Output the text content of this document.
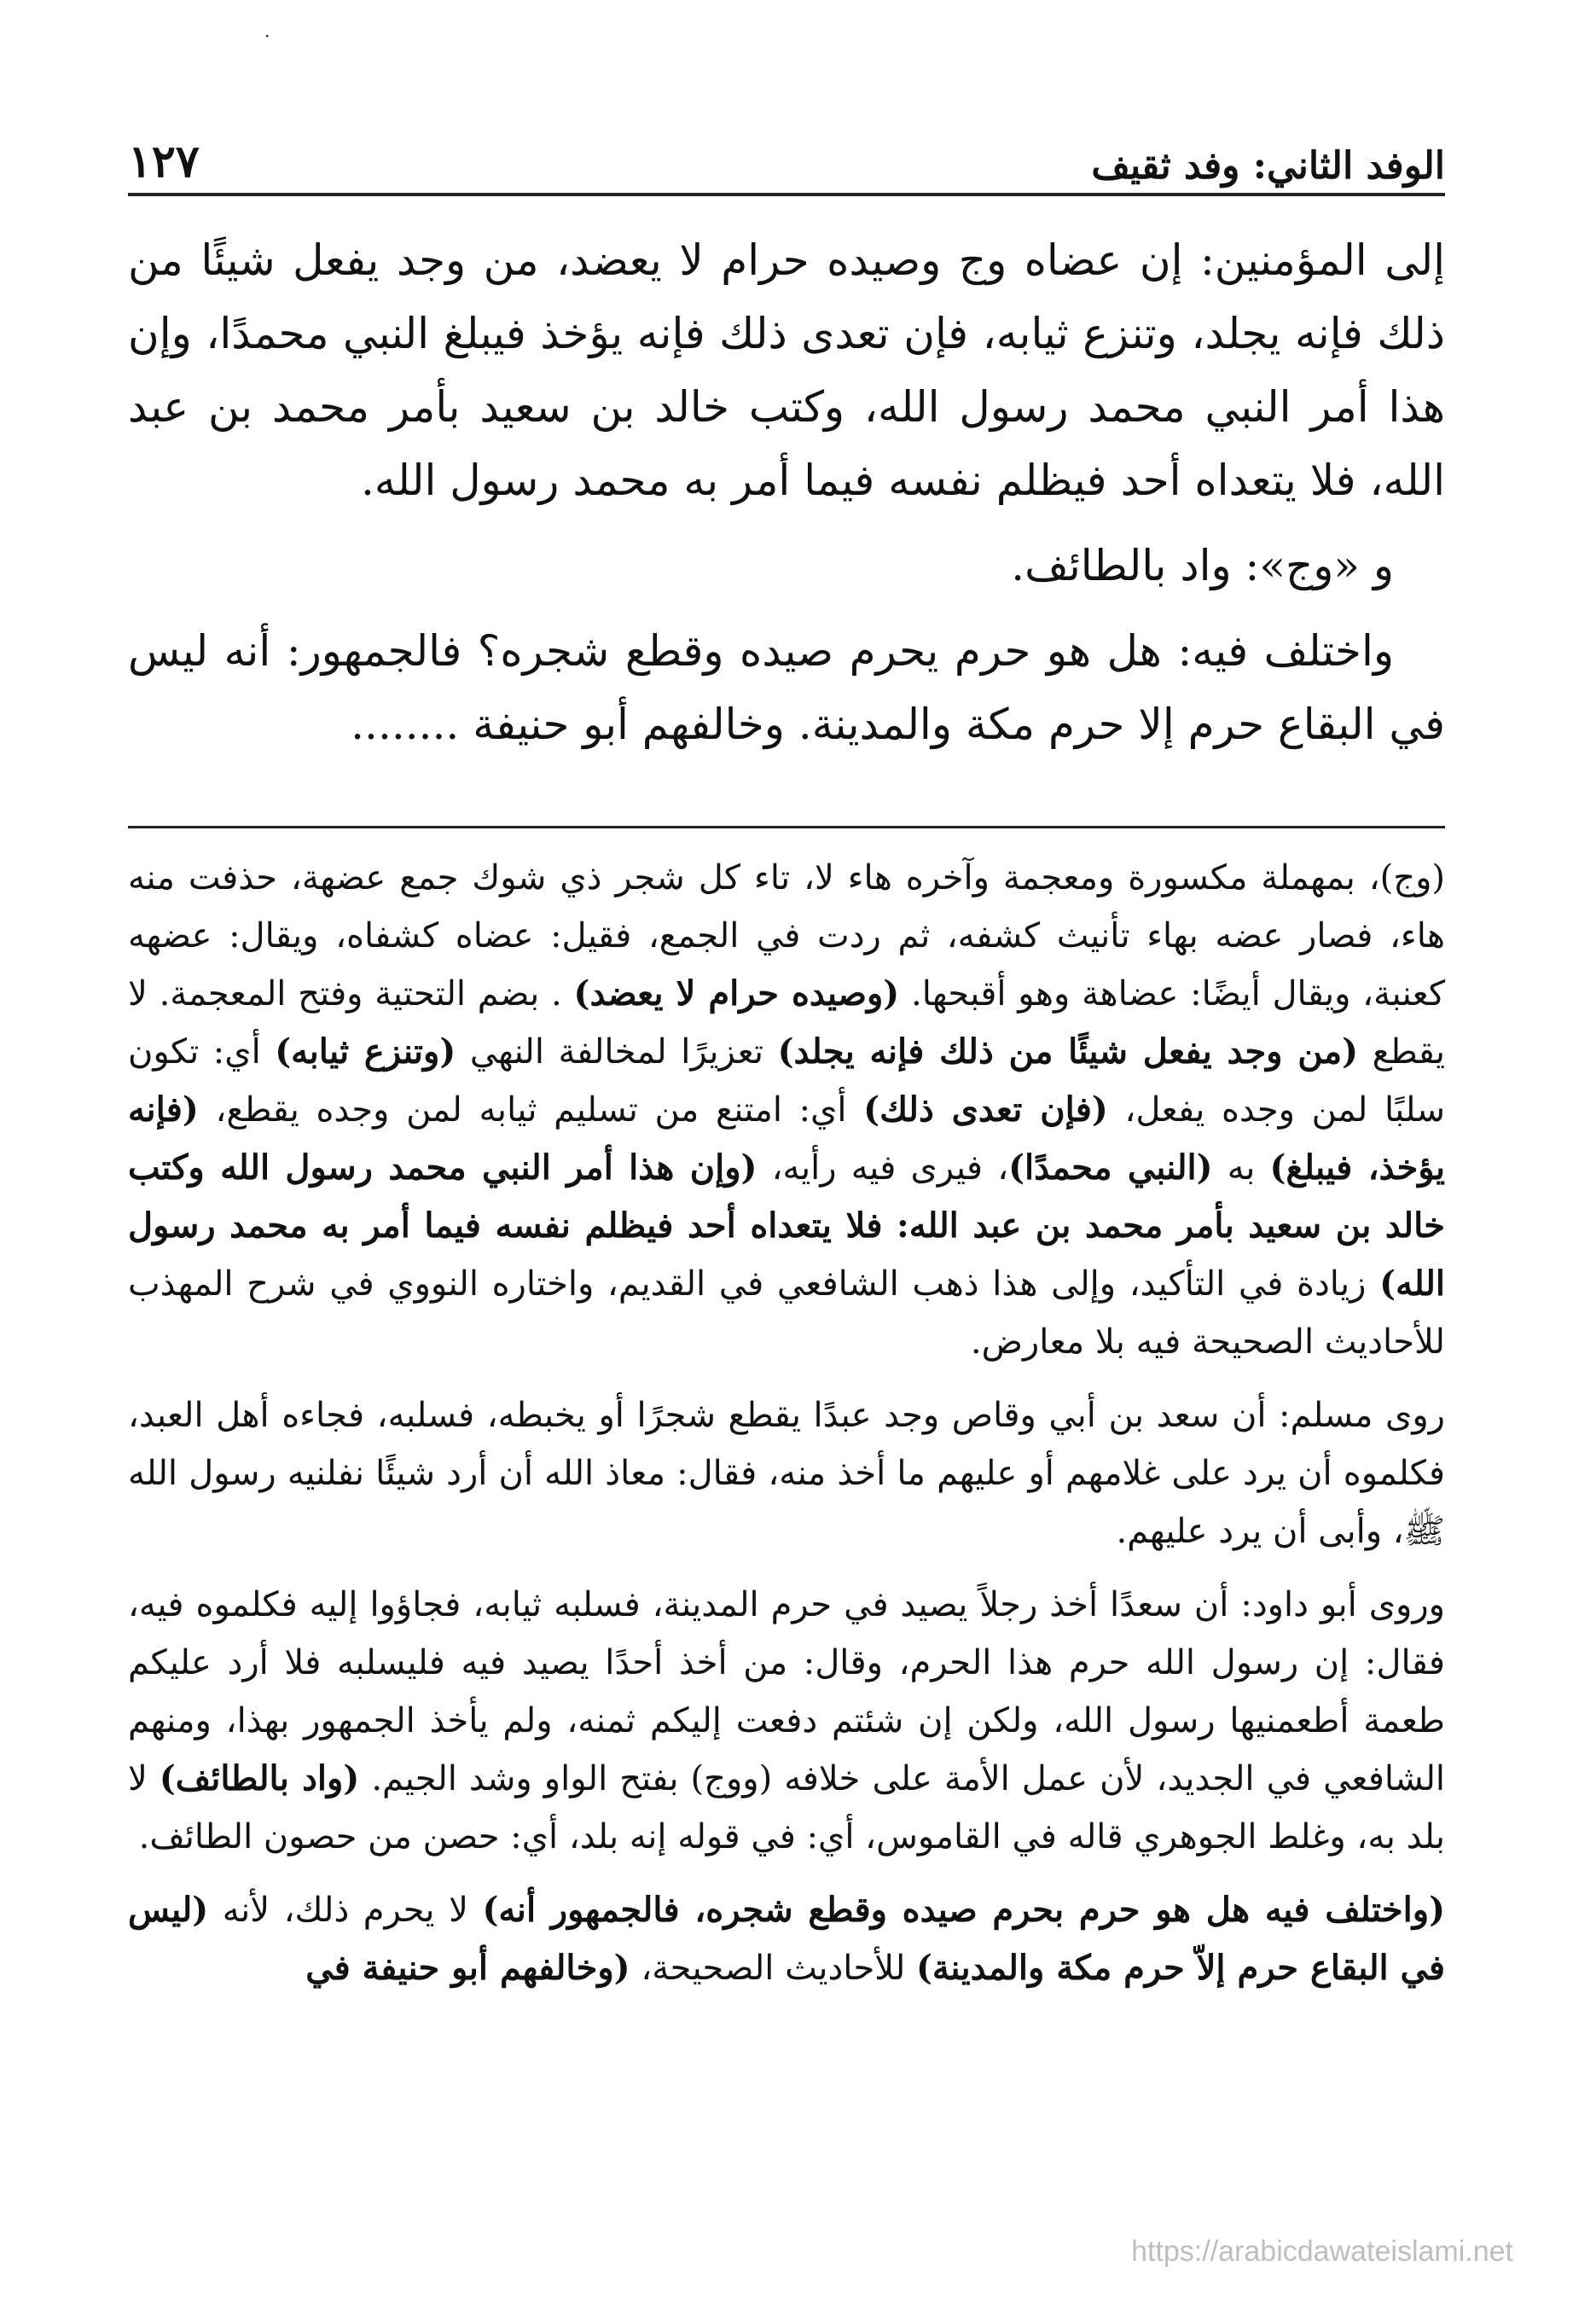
الوفد الثاني: وفد ثقيف
١٢٧
·

إلى المؤمنين: إن عضاه وج وصيده حرام لا يعضد، من وجد يفعل شيئًا من ذلك فإنه يجلد، وتنزع ثيابه، فإن تعدى ذلك فإنه يؤخذ فيبلغ النبي محمدًا، وإن هذا أمر النبي محمد رسول الله، وكتب خالد بن سعيد بأمر محمد بن عبد الله، فلا يتعداه أحد فيظلم نفسه فيما أمر به محمد رسول الله.

و «وج»: واد بالطائف.

واختلف فيه: هل هو حرم يحرم صيده وقطع شجره؟ فالجمهور: أنه ليس في البقاع حرم إلا حرم مكة والمدينة. وخالفهم أبو حنيفة ........

(وج)، بمهملة مكسورة ومعجمة وآخره هاء لا، تاء كل شجر ذي شوك جمع عضهة، حذفت منه هاء، فصار عضه بهاء تأنيث كشفه، ثم ردت في الجمع، فقيل: عضاه كشفاه، ويقال: عضهه كعنبة، ويقال أيضًا: عضاهة وهو أقبحها. (وصيده حرام لا يعضد) . بضم التحتية وفتح المعجمة. لا يقطع (من وجد يفعل شيئًا من ذلك فإنه يجلد) تعزيرًا لمخالفة النهي (وتنزع ثيابه) أي: تكون سلبًا لمن وجده يفعل، (فإن تعدى ذلك) أي: امتنع من تسليم ثيابه لمن وجده يقطع، (فإنه يؤخذ، فيبلغ) به (النبي محمدًا)، فيرى فيه رأيه، (وإن هذا أمر النبي محمد رسول الله وكتب خالد بن سعيد بأمر محمد بن عبد الله: فلا يتعداه أحد فيظلم نفسه فيما أمر به محمد رسول الله) زيادة في التأكيد، وإلى هذا ذهب الشافعي في القديم، واختاره النووي في شرح المهذب للأحاديث الصحيحة فيه بلا معارض.

روى مسلم: أن سعد بن أبي وقاص وجد عبدًا يقطع شجرًا أو يخبطه، فسلبه، فجاءه أهل العبد، فكلموه أن يرد على غلامهم أو عليهم ما أخذ منه، فقال: معاذ الله أن أرد شيئًا نفلنيه رسول الله ﷺ، وأبى أن يرد عليهم.

وروى أبو داود: أن سعدًا أخذ رجلاً يصيد في حرم المدينة، فسلبه ثيابه، فجاؤوا إليه فكلموه فيه، فقال: إن رسول الله حرم هذا الحرم، وقال: من أخذ أحدًا يصيد فيه فليسلبه فلا أرد عليكم طعمة أطعمنيها رسول الله، ولكن إن شئتم دفعت إليكم ثمنه، ولم يأخذ الجمهور بهذا، ومنهم الشافعي في الجديد، لأن عمل الأمة على خلافه (ووج) بفتح الواو وشد الجيم. (واد بالطائف) لا بلد به، وغلط الجوهري قاله في القاموس، أي: في قوله إنه بلد، أي: حصن من حصون الطائف.

(واختلف فيه هل هو حرم بحرم صيده وقطع شجره، فالجمهور أنه) لا يحرم ذلك، لأنه (ليس في البقاع حرم إلاّ حرم مكة والمدينة) للأحاديث الصحيحة، (وخالفهم أبو حنيفة في

https://arabicdawateislami.net
